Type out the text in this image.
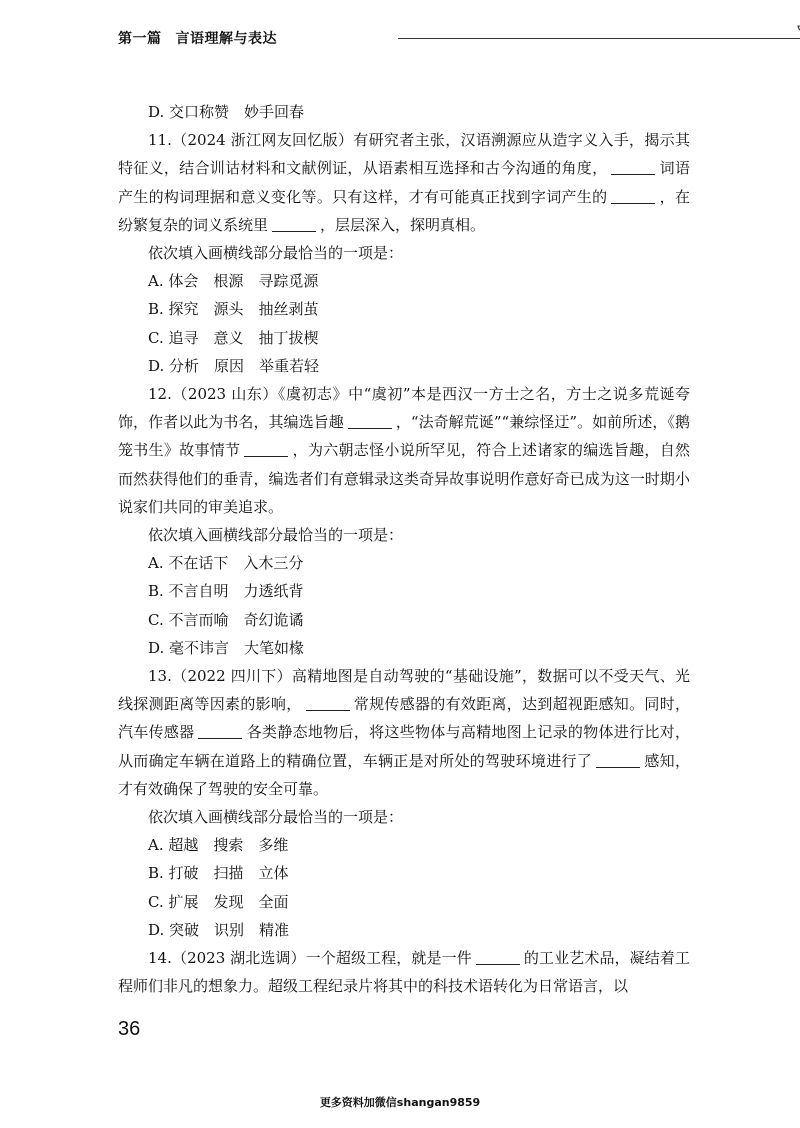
第一篇 言语理解与表达

D. 交口称赞　妙手回春

11.（2024 浙江网友回忆版）有研究者主张，汉语溯源应从造字义入手，揭示其特征义，结合训诂材料和文献例证，从语素相互选择和古今沟通的角度，	词语产生的构词理据和意义变化等。只有这样，才有可能真正找到字词产生的	，在纷繁复杂的词义系统里	，层层深入，探明真相。

依次填入画横线部分最恰当的一项是：

A. 体会　根源　寻踪觅源

B. 探究　源头　抽丝剥茧

C. 追寻　意义　抽丁拔楔

D. 分析　原因　举重若轻

12.（2023 山东）《虞初志》中“虞初”本是西汉一方士之名，方士之说多荒诞夸饰，作者以此为书名，其编选旨趣	，“法奇解荒诞”“兼综怪迂”。如前所述，《鹅笼书生》故事情节	，为六朝志怪小说所罕见，符合上述诸家的编选旨趣，自然而然获得他们的垂青，编选者们有意辑录这类奇异故事说明作意好奇已成为这一时期小说家们共同的审美追求。

依次填入画横线部分最恰当的一项是：

A. 不在话下　入木三分

B. 不言自明　力透纸背

C. 不言而喻　奇幻诡谲

D. 毫不讳言　大笔如椽

13.（2022 四川下）高精地图是自动驾驶的“基础设施”，数据可以不受天气、光线探测距离等因素的影响，	常规传感器的有效距离，达到超视距感知。同时，汽车传感器	各类静态地物后，将这些物体与高精地图上记录的物体进行比对，从而确定车辆在道路上的精确位置，车辆正是对所处的驾驶环境进行了	感知，才有效确保了驾驶的安全可靠。

依次填入画横线部分最恰当的一项是：

A. 超越　搜索　多维

B. 打破　扫描　立体

C. 扩展　发现　全面

D. 突破　识别　精准

14.（2023 湖北选调）一个超级工程，就是一件	的工业艺术品，凝结着工程师们非凡的想象力。超级工程纪录片将其中的科技术语转化为日常语言，以

36
更多资料加微信shangan9859
